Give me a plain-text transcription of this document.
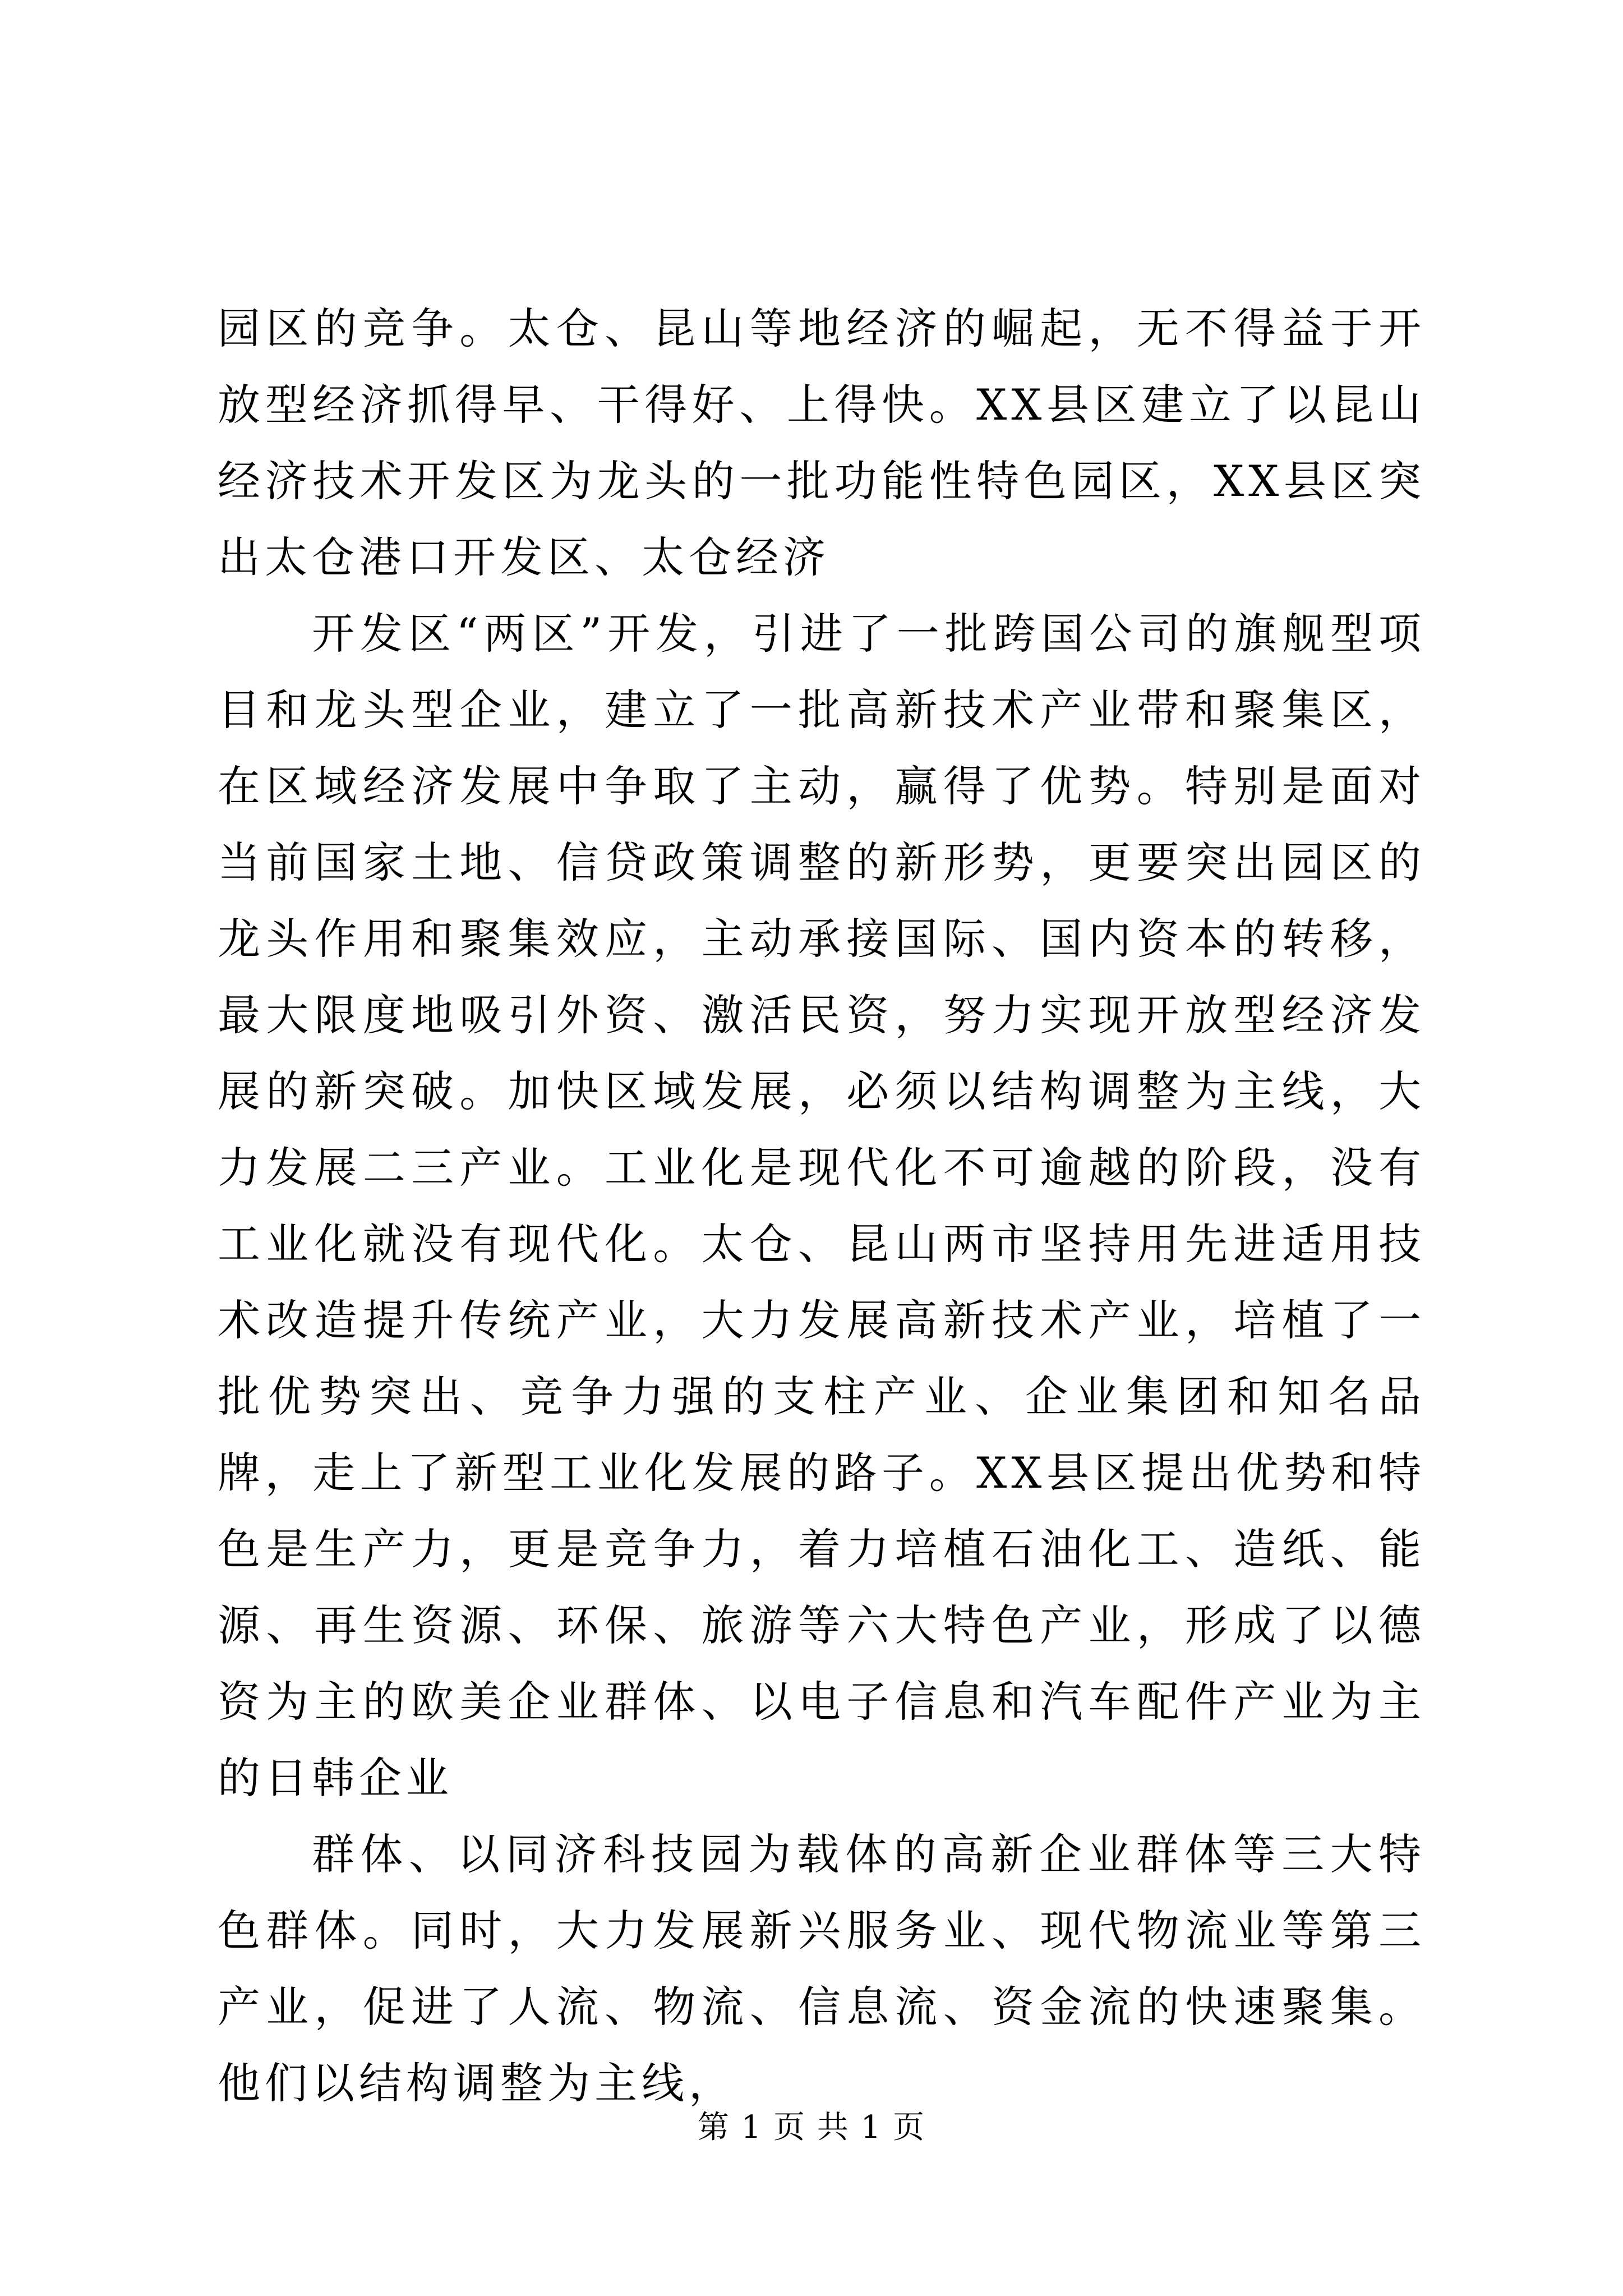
园区的竞争。太仓、昆山等地经济的崛起，无不得益于开放型经济抓得早、干得好、上得快。XX县区建立了以昆山经济技术开发区为龙头的一批功能性特色园区，XX县区突出太仓港口开发区、太仓经济

开发区“两区”开发，引进了一批跨国公司的旗舰型项目和龙头型企业，建立了一批高新技术产业带和聚集区，在区域经济发展中争取了主动，赢得了优势。特别是面对当前国家土地、信贷政策调整的新形势，更要突出园区的龙头作用和聚集效应，主动承接国际、国内资本的转移，最大限度地吸引外资、激活民资，努力实现开放型经济发展的新突破。加快区域发展，必须以结构调整为主线，大力发展二三产业。工业化是现代化不可逾越的阶段，没有工业化就没有现代化。太仓、昆山两市坚持用先进适用技术改造提升传统产业，大力发展高新技术产业，培植了一批优势突出、竞争力强的支柱产业、企业集团和知名品牌，走上了新型工业化发展的路子。XX县区提出优势和特色是生产力，更是竞争力，着力培植石油化工、造纸、能源、再生资源、环保、旅游等六大特色产业，形成了以德资为主的欧美企业群体、以电子信息和汽车配件产业为主的日韩企业

群体、以同济科技园为载体的高新企业群体等三大特色群体。同时，大力发展新兴服务业、现代物流业等第三产业，促进了人流、物流、信息流、资金流的快速聚集。他们以结构调整为主线，

第 1 页 共 1 页
